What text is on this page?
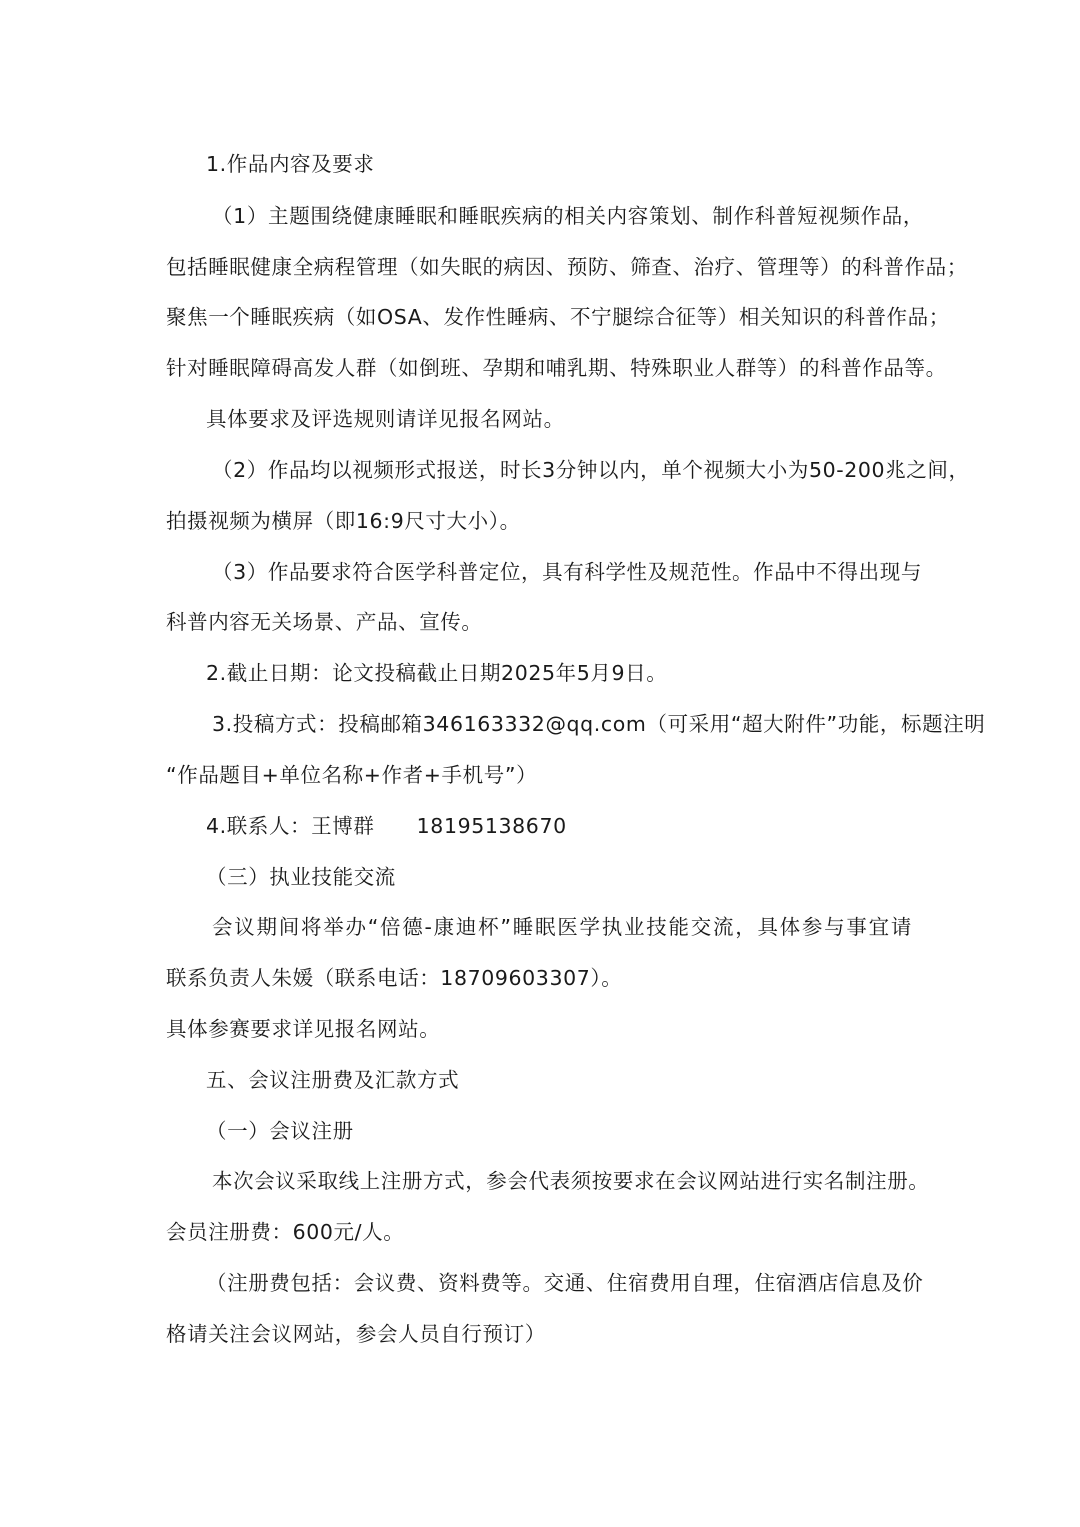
1.作品内容及要求
（1）主题围绕健康睡眠和睡眠疾病的相关内容策划、制作科普短视频作品，
包括睡眠健康全病程管理（如失眠的病因、预防、筛查、治疗、管理等）的科普作品；
聚焦一个睡眠疾病（如OSA、发作性睡病、不宁腿综合征等）相关知识的科普作品；
针对睡眠障碍高发人群（如倒班、孕期和哺乳期、特殊职业人群等）的科普作品等。
具体要求及评选规则请详见报名网站。
（2）作品均以视频形式报送，时长3分钟以内，单个视频大小为50-200兆之间，
拍摄视频为横屏（即16:9尺寸大小）。
（3）作品要求符合医学科普定位，具有科学性及规范性。作品中不得出现与
科普内容无关场景、产品、宣传。
2.截止日期：论文投稿截止日期2025年5月9日。
3.投稿方式：投稿邮箱346163332@qq.com（可采用“超大附件”功能，标题注明
“作品题目+单位名称+作者+手机号”）
4.联系人：王博群　　18195138670
（三）执业技能交流
会议期间将举办“倍德-康迪杯”睡眠医学执业技能交流，具体参与事宜请
联系负责人朱媛（联系电话：18709603307）。
具体参赛要求详见报名网站。
五、会议注册费及汇款方式
（一）会议注册
本次会议采取线上注册方式，参会代表须按要求在会议网站进行实名制注册。
会员注册费：600元/人。
（注册费包括：会议费、资料费等。交通、住宿费用自理，住宿酒店信息及价
格请关注会议网站，参会人员自行预订）
